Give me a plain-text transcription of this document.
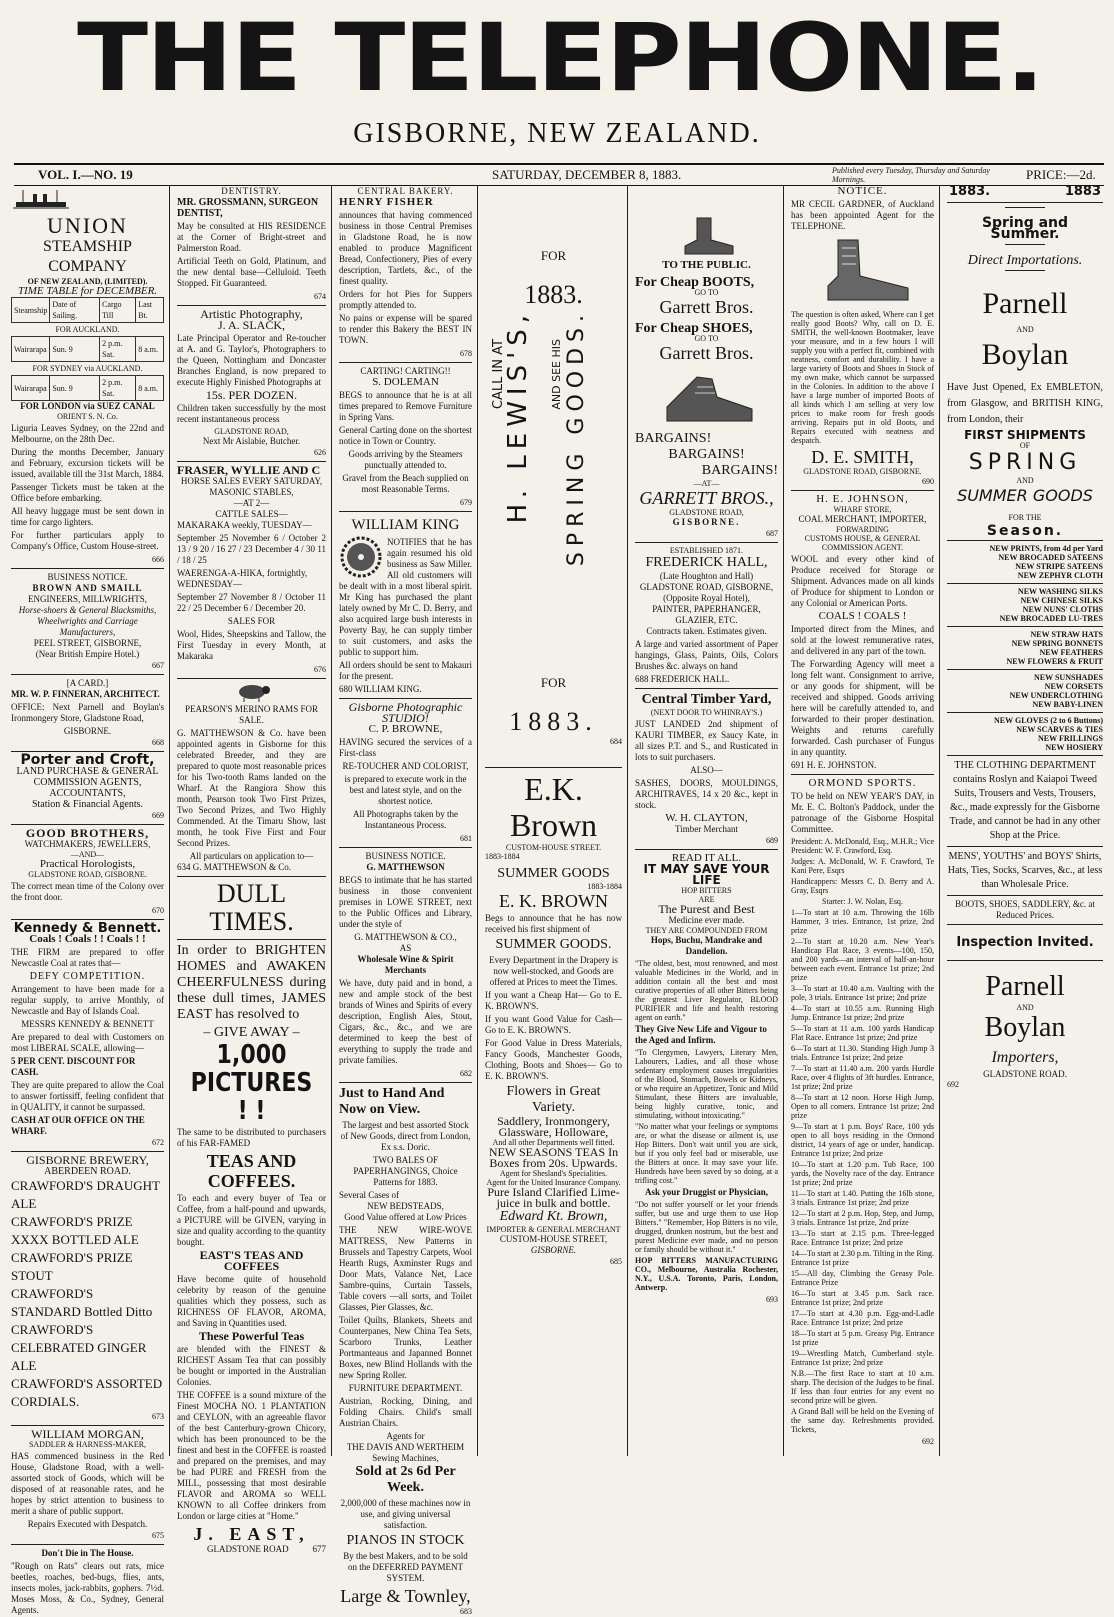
THE TELEPHONE.
GISBORNE, NEW ZEALAND.
VOL. I.—NO. 19	SATURDAY, DECEMBER 8, 1883.	Published every Tuesday, Thursday and Saturday Mornings.	PRICE:—2d.
UNION
STEAMSHIP COMPANY
OF NEW ZEALAND, (LIMITED).
TIME TABLE for DECEMBER.
Steamship	Date of Sailing.	Cargo Till	Last Bt.
FOR AUCKLAND.			
Wairarapa	Sun. 9	2 p.m. Sat.	8 a.m.
FOR SYDNEY via AUCKLAND.			
Wairarapa	Sun. 9	2 p.m. Sat.	8 a.m.
FOR LONDON via SUEZ CANAL
ORIENT S. N. Co.

Liguria Leaves Sydney, on the 22nd and Melbourne, on the 28th Dec.

During the months December, January and February, excursion tickets will be issued, available till the 31st March, 1884.

Passenger Tickets must be taken at the Office before embarking.

All heavy luggage must be sent down in time for cargo lighters.

For further particulars apply to Company's Office, Custom House-street.

666
BUSINESS NOTICE.
BROWN AND SMAILL
ENGINEERS, MILLWRIGHTS,
Horse-shoers & General Blacksmiths, Wheelwrights and Carriage Manufacturers,
PEEL STREET, GISBORNE,
(Near British Empire Hotel.)
667
[A CARD.]
MR. W. P. FINNERAN, ARCHITECT.

OFFICE: Next Parnell and Boylan's Ironmongery Store, Gladstone Road,

GISBORNE.
668
Porter and Croft,
LAND PURCHASE & GENERAL
COMMISSION AGENTS,
ACCOUNTANTS,
Station & Financial Agents.
669
GOOD BROTHERS,
WATCHMAKERS, JEWELLERS,
—AND—
Practical Horologists,
GLADSTONE ROAD, GISBORNE.

The correct mean time of the Colony over the front door.

670
Kennedy & Bennett.
Coals ! Coals ! ! Coals ! !

THE FIRM are prepared to offer Newcastle Coal at rates that—

DEFY COMPETITION.

Arrangement to have been made for a regular supply, to arrive Monthly, of Newcastle and Bay of Islands Coal.

MESSRS KENNEDY & BENNETT

Are prepared to deal with Customers on most LIBERAL SCALE, allowing—

5 PER CENT. DISCOUNT FOR CASH.

They are quite prepared to allow the Coal to answer fortissiff, feeling confident that in QUALITY, it cannot be surpassed.

CASH AT OUR OFFICE ON THE WHARF.
672
GISBORNE BREWERY,
ABERDEEN ROAD.
CRAWFORD'S DRAUGHT ALE
CRAWFORD'S PRIZE XXXX BOTTLED ALE
CRAWFORD'S PRIZE STOUT
CRAWFORD'S STANDARD Bottled Ditto
CRAWFORD'S CELEBRATED GINGER ALE
CRAWFORD'S ASSORTED CORDIALS.
673
WILLIAM MORGAN,
SADDLER & HARNESS-MAKER,

HAS commenced business in the Red House, Gladstone Road, with a well-assorted stock of Goods, which will be disposed of at reasonable rates, and he hopes by strict attention to business to merit a share of public support.

Repairs Executed with Despatch.
675
Don't Die in The House.

"Rough on Rats" clears out rats, mice beetles, roaches, bed-bugs, flies, ants, insects moles, jack-rabbits, gophers. 7½d. Moses Moss, & Co., Sydney, General Agents.

DENTISTRY.
MR. GROSSMANN, SURGEON DENTIST,

May be consulted at HIS RESIDENCE at the Corner of Bright-street and Palmerston Road.

Artificial Teeth on Gold, Platinum, and the new dental base—Celluloid. Teeth Stopped. Fit Guaranteed.

674
Artistic Photography,
J. A. SLACK,

Late Principal Operator and Re-toucher at A. and G. Taylor's, Photographers to the Queen, Nottingham and Doncaster Branches England, is now prepared to execute Highly Finished Photographs at

15s. PER DOZEN.

Children taken successfully by the most recent instantaneous process

GLADSTONE ROAD,
Next Mr Aislabie, Butcher.
626
FRASER, WYLLIE AND C
HORSE SALES EVERY SATURDAY, MASONIC STABLES,
—AT 2—
CATTLE SALES—
MAKARAKA weekly, TUESDAY—

September 25 November 6 / October 2 13 / 9 20 / 16 27 / 23 December 4 / 30 11 / 18 / 25

WAERENGA-A-HIKA, fortnightly, WEDNESDAY—

September 27 November 8 / October 11 22 / 25 December 6 / December 20.

SALES FOR

Wool, Hides, Sheepskins and Tallow, the First Tuesday in every Month, at Makaraka

676
PEARSON'S MERINO RAMS FOR
SALE.

G. MATTHEWSON & Co. have been appointed agents in Gisborne for this celebrated Breeder, and they are prepared to quote most reasonable prices for his Two-tooth Rams landed on the Wharf. At the Rangiora Show this month, Pearson took Two First Prizes, Two Second Prizes, and Two Highly Commended. At the Timaru Show, last month, he took Five First and Four Second Prizes.

All particulars on application to—
634 G. MATTHEWSON & Co.
DULL TIMES.

In order to BRIGHTEN HOMES and AWAKEN CHEERFULNESS during these dull times, JAMES EAST has resolved to

– GIVE AWAY –
1,000 PICTURES ! !

The same to be distributed to purchasers of his FAR-FAMED

TEAS AND COFFEES.

To each and every buyer of Tea or Coffee, from a half-pound and upwards, a PICTURE will be GIVEN, varying in size and quality according to the quantity bought.

EAST'S TEAS AND COFFEES

Have become quite of household celebrity by reason of the genuine qualities which they possess, such as RICHNESS OF FLAVOR, AROMA, and Saving in Quantities used.

These Powerful Teas

are blended with the FINEST & RICHEST Assam Tea that can possibly be bought or imported in the Australian Colonies.

THE COFFEE is a sound mixture of the Finest MOCHA NO. 1 PLANTATION and CEYLON, with an agreeable flavor of the best Canterbury-grown Chicory, which has been pronounced to be the finest and best in the COFFEE is roasted and prepared on the premises, and may be had PURE and FRESH from the MILL, possessing that most desirable FLAVOR and AROMA so WELL KNOWN to all Coffee drinkers from London or large cities at "Home."

J. EAST,
GLADSTONE ROAD	677
CENTRAL BAKERY.
HENRY FISHER

announces that having commenced business in those Central Premises in Gladstone Road, he is now enabled to produce Magnificent Bread, Confectionery, Pies of every description, Tartlets, &c., of the finest quality.

Orders for hot Pies for Suppers promptly attended to.

No pains or expense will be spared to render this Bakery the BEST IN TOWN.

678
CARTING! CARTING!!
S. DOLEMAN

BEGS to announce that he is at all times prepared to Remove Furniture in Spring Vans.

General Carting done on the shortest notice in Town or Country.

Goods arriving by the Steamers punctually attended to.

Gravel from the Beach supplied on most Reasonable Terms.

679
WILLIAM KING

NOTIFIES that he has again resumed his old business as Saw Miller. All old customers will be dealt with in a most liberal spirit. Mr King has purchased the plant lately owned by Mr C. D. Berry, and also acquired large bush interests in Poverty Bay, he can supply timber to suit customers, and asks the public to support him.

All orders should be sent to Makauri for the present.

680 WILLIAM KING.
Gisborne Photographic STUDIO!
C. P. BROWNE,

HAVING secured the services of a First-class

RE-TOUCHER AND COLORIST,

is prepared to execute work in the best and latest style, and on the shortest notice.

All Photographs taken by the Instantaneous Process.

681
BUSINESS NOTICE.
G. MATTHEWSON

BEGS to intimate that he has started business in those convenient premises in LOWE STREET, next to the Public Offices and Library, under the style of

G. MATTHEWSON & CO.,
AS
Wholesale Wine & Spirit Merchants

We have, duty paid and in bond, a new and ample stock of the best brands of Wines and Spirits of every description, English Ales, Stout, Cigars, &c., &c., and we are determined to keep the best of everything to supply the trade and private families.

682
Just to Hand And Now on View.

The largest and best assorted Stock of New Goods, direct from London, Ex s.s. Doric.

TWO BALES OF PAPERHANGINGS, Choice Patterns for 1883.

Several Cases of
NEW BEDSTEADS,
Good Value offered at Low Prices

THE NEW WIRE-WOVE MATTRESS, New Patterns in Brussels and Tapestry Carpets, Wool Hearth Rugs, Axminster Rugs and Door Mats, Valance Net, Lace Sambre-quins, Curtain Tassels, Table covers —all sorts, and Toilet Glasses, Pier Glasses, &c.

Toilet Quilts, Blankets, Sheets and Counterpanes, New China Tea Sets, Scarboro Trunks, Leather Portmanteaus and Japanned Bonnet Boxes, new Blind Hollands with the new Spring Roller.

FURNITURE DEPARTMENT.

Austrian, Rocking, Dining, and Folding Chairs. Child's small Austrian Chairs.

Agents for
THE DAVIS AND WERTHEIM
Sewing Machines,
Sold at 2s 6d Per Week.

2,000,000 of these machines now in use, and giving universal satisfaction.

PIANOS IN STOCK

By the best Makers, and to be sold on the DEFERRED PAYMENT SYSTEM.

Large & Townley,
683
FOR
1883.
CALL IN AT
H. LEWIS'S, AND SEE HIS SPRING GOODS.
FOR
1883.
684
E.K. Brown
CUSTOM-HOUSE STREET.
1883-1884
SUMMER GOODS
1883-1884
E. K. BROWN

Begs to announce that he has now received his first shipment of

SUMMER GOODS.

Every Department in the Drapery is now well-stocked, and Goods are offered at Prices to meet the Times.

If you want a Cheap Hat— Go to E. K. BROWN'S.

If you want Good Value for Cash— Go to E. K. BROWN'S.

For Good Value in Dress Materials, Fancy Goods, Manchester Goods, Clothing, Boots and Shoes— Go to E. K. BROWN'S.

Flowers in Great Variety.
Saddlery, Ironmongery, Glassware, Holloware,
And all other Departments well fitted.
NEW SEASONS TEAS In Boxes from 20s. Upwards.
Agent for Shesland's Specialities.
Agent for the United Insurance Company.
Pure Island Clarified Lime-juice in bulk and bottle.
Edward Kt. Brown,
IMPORTER & GENERAL MERCHANT
CUSTOM-HOUSE STREET,
GISBORNE.
685
TO THE PUBLIC.
For Cheap BOOTS,
GO TO
Garrett Bros.
For Cheap SHOES,
GO TO
Garrett Bros.
BARGAINS!
BARGAINS!
BARGAINS!
—AT—
GARRETT BROS.,
GLADSTONE ROAD,
GISBORNE.
687
ESTABLISHED 1871.
FREDERICK HALL,
(Late Houghton and Hall)
GLADSTONE ROAD, GISBORNE,
(Opposite Royal Hotel),
PAINTER, PAPERHANGER,
GLAZIER, ETC.
Contracts taken. Estimates given.

A large and varied assortment of Paper hangings, Glass, Paints, Oils, Colors Brushes &c. always on hand

688 FREDERICK HALL.
Central Timber Yard,
(NEXT DOOR TO WHINRAY'S.)

JUST LANDED 2nd shipment of KAURI TIMBER, ex Saucy Kate, in all sizes P.T. and S., and Rusticated in lots to suit purchasers.

ALSO—

SASHES, DOORS, MOULDINGS, ARCHITRAVES, 14 x 20 &c., kept in stock.

W. H. CLAYTON,
Timber Merchant
689
READ IT ALL.
IT MAY SAVE YOUR LIFE
HOP BITTERS
ARE
The Purest and Best
Medicine ever made.
THEY ARE COMPOUNDED FROM
Hops, Buchu, Mandrake and Dandelion.

"The oldest, best, most renowned, and most valuable Medicines in the World, and in addition contain all the best and most curative properties of all other Bitters being the greatest Liver Regulator, BLOOD PURIFIER and life and health restoring agent on earth."

They Give New Life and Vigour to the Aged and Infirm.

"To Clergymen, Lawyers, Literary Men, Labourers, Ladies, and all those whose sedentary employment causes irregularities of the Blood, Stomach, Bowels or Kidneys, or who require an Appetizer, Tonic and Mild Stimulant, these Bitters are invaluable, being highly curative, tonic, and stimulating, without intoxicating."

"No matter what your feelings or symptoms are, or what the disease or ailment is, use Hop Bitters. Don't wait until you are sick, but if you only feel bad or miserable, use the Bitters at once. It may save your life. Hundreds have been saved by so doing, at a trifling cost."

Ask your Druggist or Physician,

"Do not suffer yourself or let your friends suffer, but use and urge them to use Hop Bitters." "Remember, Hop Bitters is no vile, drugged, drunken nostrum, but the best and purest Medicine ever made, and no person or family should be without it."

HOP BITTERS MANUFACTURING CO., Melbourne, Australia Rochester, N.Y., U.S.A. Toronto, Paris, London, Antwerp.

693
NOTICE.

MR CECIL GARDNER, of Auckland has been appointed Agent for the TELEPHONE.

The question is often asked, Where can I get really good Boots? Why, call on D. E. SMITH, the well-known Bootmaker, leave your measure, and in a few hours I will supply you with a perfect fit, combined with neatness, comfort and durability. I have a large variety of Boots and Shoes in Stock of my own make, which cannot be surpassed in the Colonies. In addition to the above I have a large number of imported Boots of all kinds which I am selling at very low prices to make room for fresh goods arriving. Repairs put in old Boots, and Repairs executed with neatness and despatch.

D. E. SMITH,
GLADSTONE ROAD, GISBORNE.
690
H. E. JOHNSON,
WHARF STORE,
COAL MERCHANT, IMPORTER,
FORWARDING
CUSTOMS HOUSE, & GENERAL COMMISSION AGENT.

WOOL and every other kind of Produce received for Storage or Shipment. Advances made on all kinds of Produce for shipment to London or any Colonial or American Ports.

COALS ! COALS !

Imported direct from the Mines, and sold at the lowest remunerative rates, and delivered in any part of the town.

The Forwarding Agency will meet a long felt want. Consignment to arrive, or any goods for shipment, will be received and shipped. Goods arriving here will be carefully attended to, and forwarded to their proper destination. Weights and returns carefully forwarded. Cash purchaser of Fungus in any quantity.

691 H. E. JOHNSTON.
ORMOND SPORTS.

TO be held on NEW YEAR'S DAY, in Mr. E. C. Bolton's Paddock, under the patronage of the Gisborne Hospital Committee.

President: A. McDonald, Esq., M.H.R.; Vice President: W. F. Crawford, Esq.

Judges: A. McDonald, W. F. Crawford, Te Kani Pere, Esqrs

Handicappers: Messrs C. D. Berry and A. Gray, Esqrs

Starter: J. W. Nolan, Esq.

1—To start at 10 a.m. Throwing the 16lb Hammer, 3 tries. Entrance, 1st prize, 2nd prize

2—To start at 10.20 a.m. New Year's Handicap Flat Race, 3 events—100, 150, and 200 yards—an interval of half-an-hour between each event. Entrance 1st prize; 2nd prize

3—To start at 10.40 a.m. Vaulting with the pole, 3 trials. Entrance 1st prize; 2nd prize

4—To start at 10.55 a.m. Running High Jump. Entrance 1st prize; 2nd prize

5—To start at 11 a.m. 100 yards Handicap Flat Race. Entrance 1st prize; 2nd prize

6—To start at 11.30. Standing High Jump 3 trials. Entrance 1st prize; 2nd prize

7—To start at 11.40 a.m. 200 yards Hurdle Race, over 4 flights of 3ft hurdles. Entrance, 1st prize; 2nd prize

8—To start at 12 noon. Horse High Jump. Open to all comers. Entrance 1st prize; 2nd prize

9—To start at 1 p.m. Boys' Race, 100 yds open to all boys residing in the Ormond district, 14 years of age or under, handicap. Entrance 1st prize; 2nd prize

10—To start at 1.20 p.m. Tub Race, 100 yards, the Novelty race of the day. Entrance 1st prize; 2nd prize

11—To start at 1.40. Putting the 16lb stone, 3 trials. Entrance 1st prize; 2nd prize

12—To start at 2 p.m. Hop, Step, and Jump, 3 trials. Entrance 1st prize, 2nd prize

13—To start at 2.15 p.m. Three-legged Race. Entrance 1st prize; 2nd prize

14—To start at 2.30 p.m. Tilting in the Ring. Entrance 1st prize

15—All day, Climbing the Greasy Pole. Entrance Prize

16—To start at 3.45 p.m. Sack race. Entrance 1st prize; 2nd prize

17—To start at 4.30 p.m. Egg-and-Ladle Race. Entrance 1st prize; 2nd prize

18—To start at 5 p.m. Greasy Pig. Entrance 1st prize

19—Wrestling Match, Cumberland style. Entrance 1st prize; 2nd prize

N.B.—The first Race to start at 10 a.m. sharp. The decision of the Judges to be final. If less than four entries for any event no second prize will be given.

A Grand Ball will be held on the Evening of the same day. Refreshments provided. Tickets,

692
1883.	1883
Spring and Summer.
Direct Importations.
Parnell
AND
Boylan

Have Just Opened, Ex EMBLETON, from Glasgow, and BRITISH KING, from London, their

FIRST SHIPMENTS
OF
SPRING
AND
SUMMER GOODS
FOR THE
Season.
NEW PRINTS, from 4d per Yard
NEW BROCADED SATEENS
NEW STRIPE SATEENS
NEW ZEPHYR CLOTH
NEW WASHING SILKS
NEW CHINESE SILKS
NEW NUNS' CLOTHS
NEW BROCADED LU-TRES
NEW STRAW HATS
NEW SPRING BONNETS
NEW FEATHERS
NEW FLOWERS & FRUIT
NEW SUNSHADES
NEW CORSETS
NEW UNDERCLOTHING
NEW BABY-LINEN
NEW GLOVES (2 to 6 Buttons)
NEW SCARVES & TIES
NEW FRILLINGS
NEW HOSIERY

THE CLOTHING DEPARTMENT contains Roslyn and Kaiapoi Tweed Suits, Trousers and Vests, Trousers, &c., made expressly for the Gisborne Trade, and cannot be had in any other Shop at the Price.

MENS', YOUTHS' and BOYS' Shirts, Hats, Ties, Socks, Scarves, &c., at less than Wholesale Price.

BOOTS, SHOES, SADDLERY, &c. at Reduced Prices.

Inspection Invited.
Parnell
AND
Boylan
Importers,
GLADSTONE ROAD.
692
